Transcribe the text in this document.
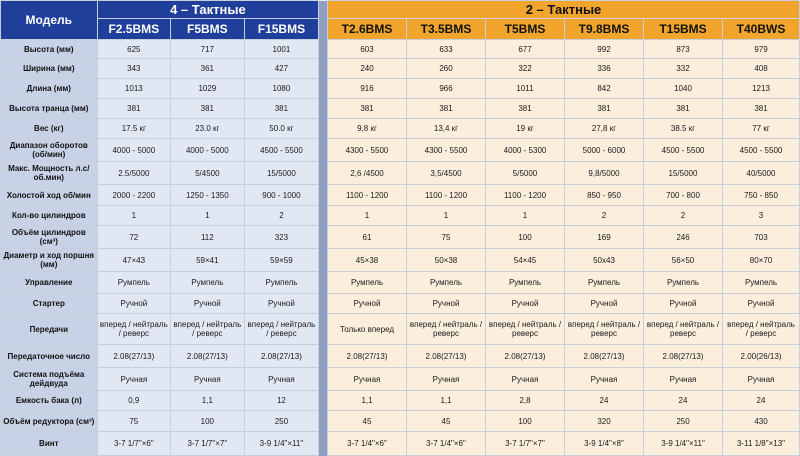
Модель	4 – Тактные				2 – Тактные					
	F2.5BMS	F5BMS	F15BMS		T2.6BMS	T3.5BMS	T5BMS	T9.8BMS	T15BMS	T40BWS
Высота (мм)	625	717	1001		603	633	677	992	873	979
Ширина (мм)	343	361	427		240	260	322	336	332	408
Длина (мм)	1013	1029	1080		916	966	1011	842	1040	1213
Высота транца (мм)	381	381	381		381	381	381	381	381	381
Вес (кг)	17.5 кг	23.0 кг	50.0 кг		9,8 кг	13,4 кг	19 кг	27,8 кг	38.5 кг	77 кг
Диапазон оборотов (об/мин)	4000 - 5000	4000 - 5000	4500 - 5500		4300 - 5500	4300 - 5500	4000 - 5300	5000 - 6000	4500 - 5500	4500 - 5500
Макс. Мощность л.с/об.мин)	2.5/5000	5/4500	15/5000		2,6 /4500	3,5/4500	5/5000	9,8/5000	15/5000	40/5000
Холостой ход об/мин	2000 - 2200	1250 - 1350	900 - 1000		1100 - 1200	1100 - 1200	1100 - 1200	850 - 950	700 - 800	750 - 850
Кол-во цилиндров	1	1	2		1	1	1	2	2	3
Объём цилиндров (см³)	72	112	323		61	75	100	169	246	703
Диаметр и ход поршня (мм)	47×43	59×41	59×59		45×38	50×38	54×45	50x43	56×50	80×70
Управление	Румпель	Румпель	Румпель		Румпель	Румпель	Румпель	Румпель	Румпель	Румпель
Стартер	Ручной	Ручной	Ручной		Ручной	Ручной	Ручной	Ручной	Ручной	Ручной
Передачи	вперед / нейтраль / реверс	вперед / нейтраль / реверс	вперед / нейтраль / реверс		Только вперед	вперед / нейтраль / реверс	вперед / нейтраль / реверс	вперед / нейтраль / реверс	вперед / нейтраль / реверс	вперед / нейтраль / реверс
Передаточное число	2.08(27/13)	2.08(27/13)	2.08(27/13)		2.08(27/13)	2.08(27/13)	2.08(27/13)	2.08(27/13)	2.08(27/13)	2.00(26/13)
Система подъёма дейдвуда	Ручная	Ручная	Ручная		Ручная	Ручная	Ручная	Ручная	Ручная	Ручная
Емкость бака (л)	0,9	1,1	12		1,1	1,1	2,8	24	24	24
Объём редуктора (см³)	75	100	250		45	45	100	320	250	430
Винт	3-7 1/7"×6"	3-7 1/7"×7"	3-9 1/4"×11"		3-7 1/4"×6"	3-7 1/4"×6"	3-7 1/7"×7"	3-9 1/4"×8"	3-9 1/4"×11"	3-11 1/8"×13"
